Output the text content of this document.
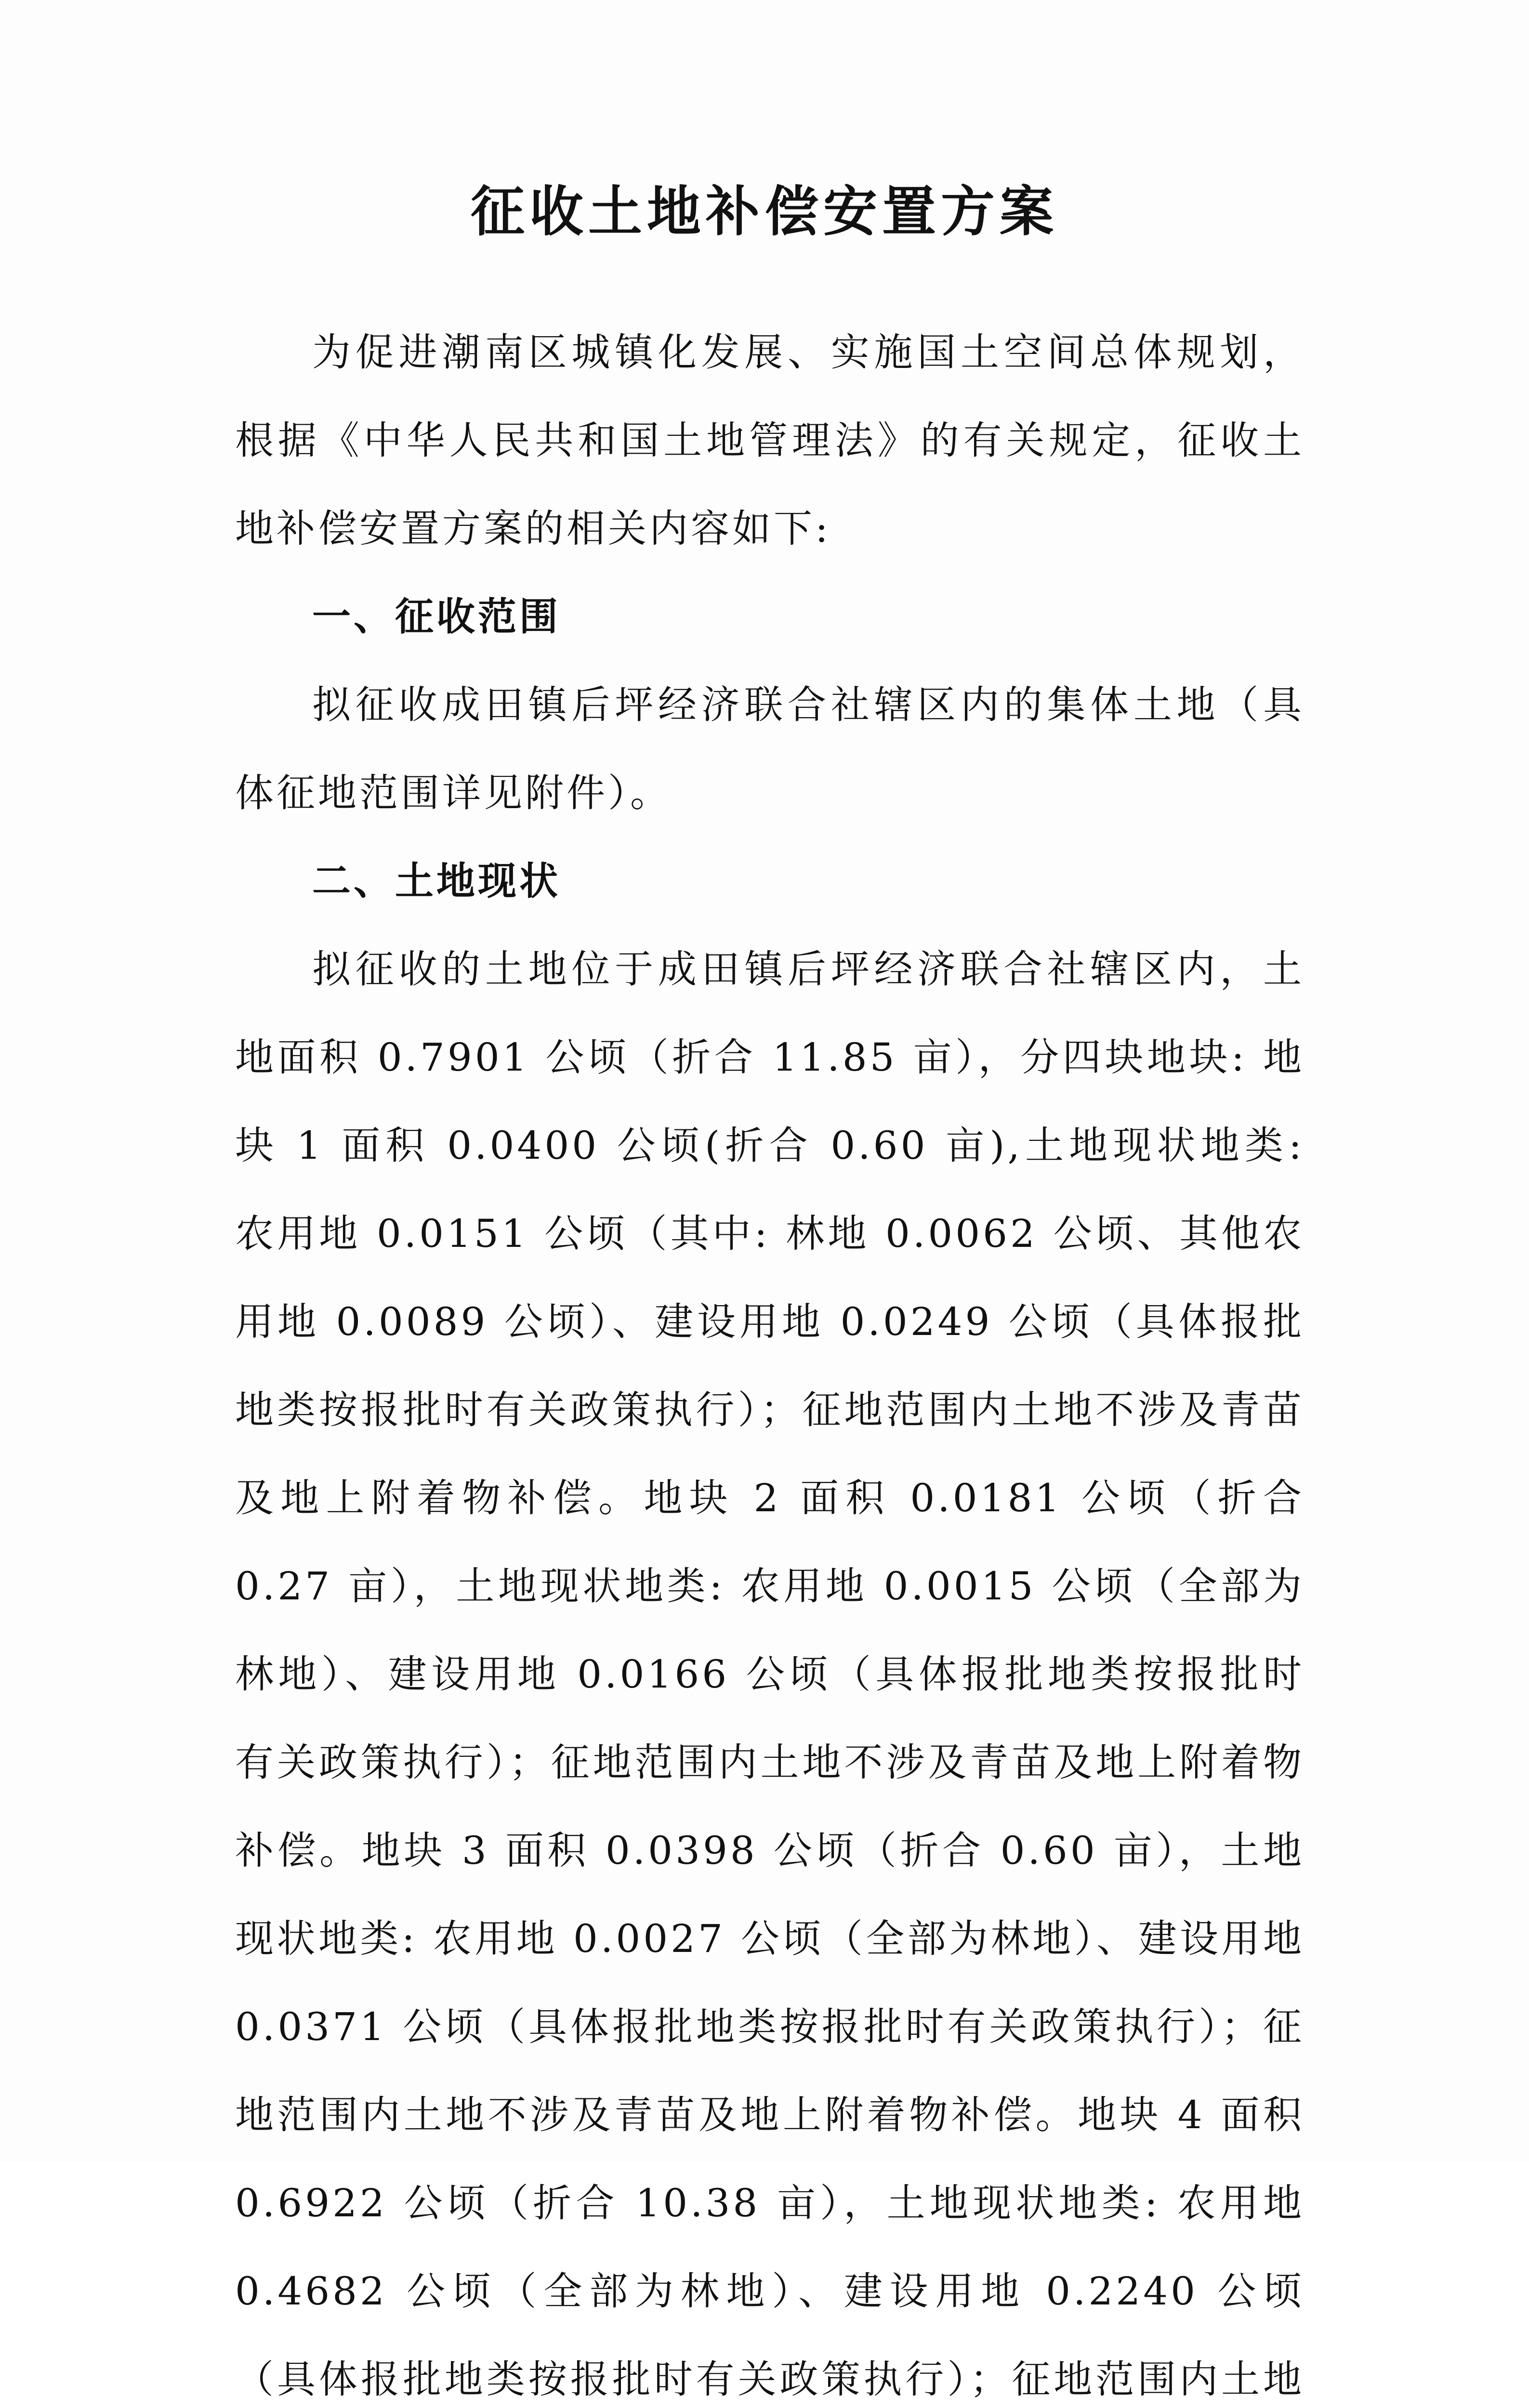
征收土地补偿安置方案

为促进潮南区城镇化发展、实施国土空间总体规划，根据《中华人民共和国土地管理法》的有关规定，征收土地补偿安置方案的相关内容如下:

一、征收范围

拟征收成田镇后坪经济联合社辖区内的集体土地（具体征地范围详见附件）。

二、土地现状

拟征收的土地位于成田镇后坪经济联合社辖区内，土地面积 0.7901 公顷（折合 11.85 亩），分四块地块: 地块 1 面积 0.0400 公顷(折合 0.60 亩),土地现状地类: 农用地 0.0151 公顷（其中: 林地 0.0062 公顷、其他农用地 0.0089 公顷）、建设用地 0.0249 公顷（具体报批地类按报批时有关政策执行）；征地范围内土地不涉及青苗及地上附着物补偿。地块 2 面积 0.0181 公顷（折合 0.27 亩），土地现状地类: 农用地 0.0015 公顷（全部为林地）、建设用地 0.0166 公顷（具体报批地类按报批时有关政策执行）；征地范围内土地不涉及青苗及地上附着物补偿。地块 3 面积 0.0398 公顷（折合 0.60 亩），土地现状地类: 农用地 0.0027 公顷（全部为林地）、建设用地 0.0371 公顷（具体报批地类按报批时有关政策执行）；征地范围内土地不涉及青苗及地上附着物补偿。地块 4 面积 0.6922 公顷（折合 10.38 亩），土地现状地类: 农用地 0.4682 公顷（全部为林地）、建设用地 0.2240 公顷（具体报批地类按报批时有关政策执行）；征地范围内土地
